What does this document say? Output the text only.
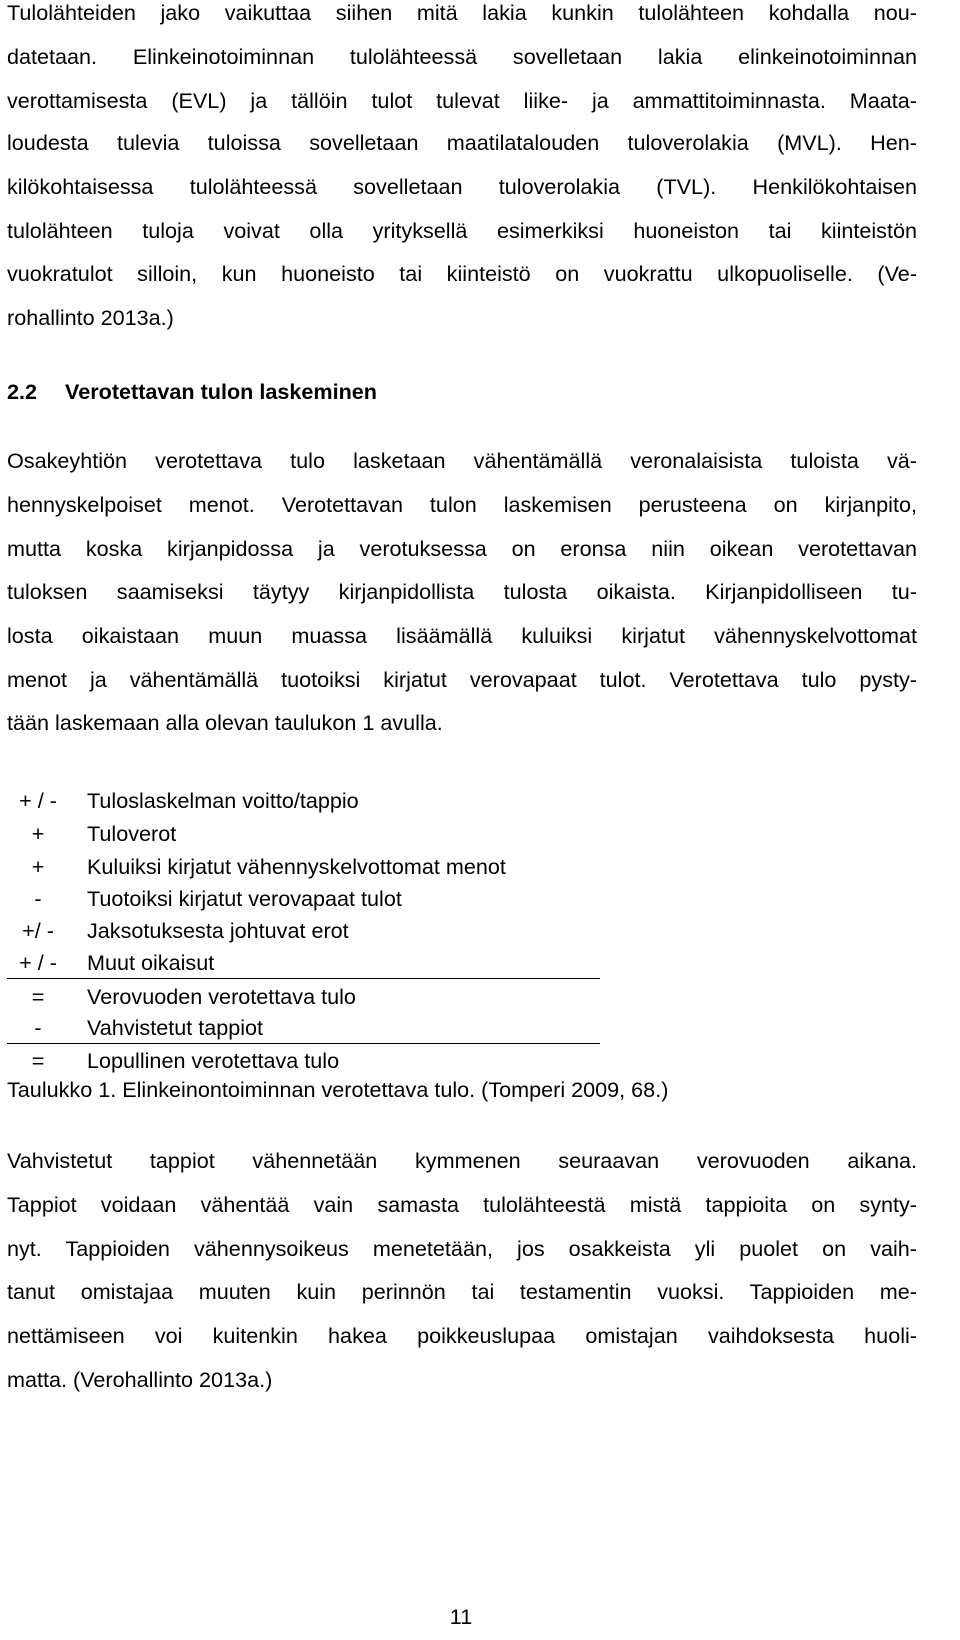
Tulolähteiden jako vaikuttaa siihen mitä lakia kunkin tulolähteen kohdalla nou-
datetaan. Elinkeinotoiminnan tulolähteessä sovelletaan lakia elinkeinotoiminnan
verottamisesta (EVL) ja tällöin tulot tulevat liike- ja ammattitoiminnasta. Maata-
loudesta tulevia tuloissa sovelletaan maatilatalouden tuloverolakia (MVL). Hen-
kilökohtaisessa tulolähteessä sovelletaan tuloverolakia (TVL). Henkilökohtaisen
tulolähteen tuloja voivat olla yrityksellä esimerkiksi huoneiston tai kiinteistön
vuokratulot silloin, kun huoneisto tai kiinteistö on vuokrattu ulkopuoliselle. (Ve-
rohallinto 2013a.)
2.2 Verotettavan tulon laskeminen
Osakeyhtiön verotettava tulo lasketaan vähentämällä veronalaisista tuloista vä-
hennyskelpoiset menot. Verotettavan tulon laskemisen perusteena on kirjanpito,
mutta koska kirjanpidossa ja verotuksessa on eronsa niin oikean verotettavan
tuloksen saamiseksi täytyy kirjanpidollista tulosta oikaista. Kirjanpidolliseen tu-
losta oikaistaan muun muassa lisäämällä kuluiksi kirjatut vähennyskelvottomat
menot ja vähentämällä tuotoiksi kirjatut verovapaat tulot. Verotettava tulo pysty-
tään laskemaan alla olevan taulukon 1 avulla.
+ / -	Tuloslaskelman voitto/tappio
+	Tuloverot
+	Kuluiksi kirjatut vähennyskelvottomat menot
-	Tuotoiksi kirjatut verovapaat tulot
+/ -	Jaksotuksesta johtuvat erot
+ / -	Muut oikaisut
=	Verovuoden verotettava tulo
-	Vahvistetut tappiot
=	Lopullinen verotettava tulo
Taulukko 1. Elinkeinontoiminnan verotettava tulo. (Tomperi 2009, 68.)
Vahvistetut tappiot vähennetään kymmenen seuraavan verovuoden aikana.
Tappiot voidaan vähentää vain samasta tulolähteestä mistä tappioita on synty-
nyt. Tappioiden vähennysoikeus menetetään, jos osakkeista yli puolet on vaih-
tanut omistajaa muuten kuin perinnön tai testamentin vuoksi. Tappioiden me-
nettämiseen voi kuitenkin hakea poikkeuslupaa omistajan vaihdoksesta huoli-
matta. (Verohallinto 2013a.)
11
